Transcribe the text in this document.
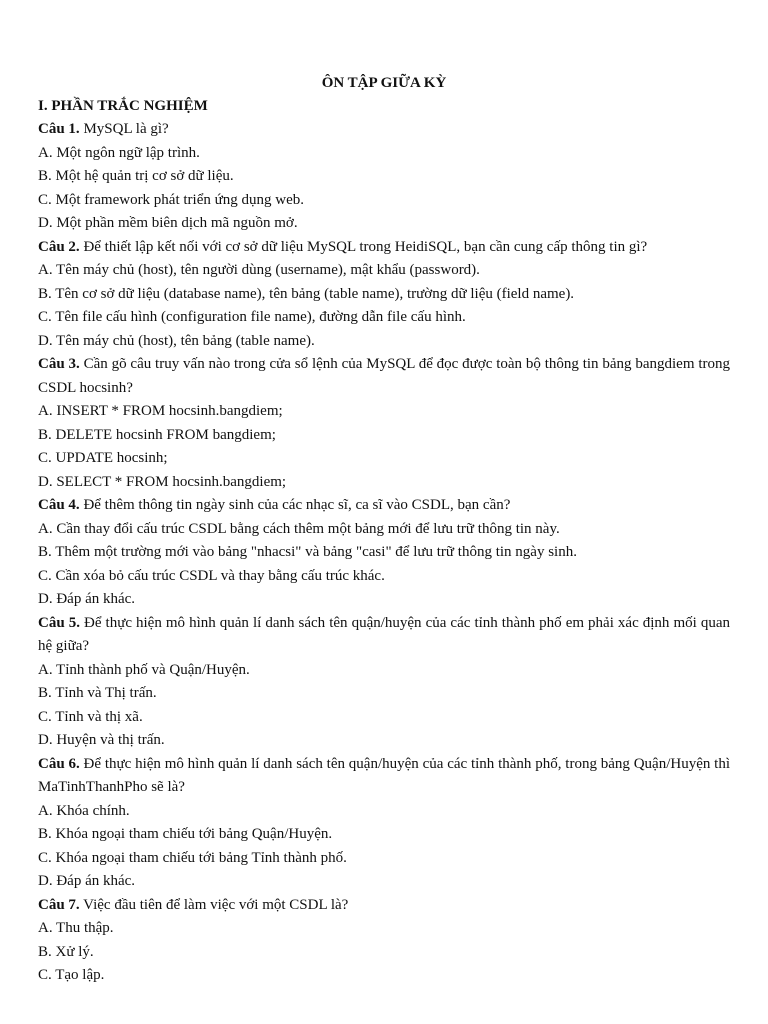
ÔN TẬP GIỮA KỲ

I. PHẦN TRẮC NGHIỆM

Câu 1. MySQL là gì?

A. Một ngôn ngữ lập trình.

B. Một hệ quản trị cơ sở dữ liệu.

C. Một framework phát triển ứng dụng web.

D. Một phần mềm biên dịch mã nguồn mở.

Câu 2. Để thiết lập kết nối với cơ sở dữ liệu MySQL trong HeidiSQL, bạn cần cung cấp thông tin gì?

A. Tên máy chủ (host), tên người dùng (username), mật khẩu (password).

B. Tên cơ sở dữ liệu (database name), tên bảng (table name), trường dữ liệu (field name).

C. Tên file cấu hình (configuration file name), đường dẫn file cấu hình.

D. Tên máy chủ (host), tên bảng (table name).

Câu 3. Cần gõ câu truy vấn nào trong cửa sổ lệnh của MySQL để đọc được toàn bộ thông tin bảng bangdiem trong CSDL hocsinh?

A. INSERT * FROM hocsinh.bangdiem;

B. DELETE hocsinh FROM bangdiem;

C. UPDATE hocsinh;

D. SELECT * FROM hocsinh.bangdiem;

Câu 4. Để thêm thông tin ngày sinh của các nhạc sĩ, ca sĩ vào CSDL, bạn cần?

A. Cần thay đổi cấu trúc CSDL bằng cách thêm một bảng mới để lưu trữ thông tin này.

B. Thêm một trường mới vào bảng "nhacsi" và bảng "casi" để lưu trữ thông tin ngày sinh.

C. Cần xóa bỏ cấu trúc CSDL và thay bằng cấu trúc khác.

D. Đáp án khác.

Câu 5. Để thực hiện mô hình quản lí danh sách tên quận/huyện của các tỉnh thành phố em phải xác định mối quan hệ giữa?

A. Tỉnh thành phố và Quận/Huyện.

B. Tỉnh và Thị trấn.

C. Tỉnh và thị xã.

D. Huyện và thị trấn.

Câu 6. Để thực hiện mô hình quản lí danh sách tên quận/huyện của các tỉnh thành phố, trong bảng Quận/Huyện thì MaTinhThanhPho sẽ là?

A. Khóa chính.

B. Khóa ngoại tham chiếu tới bảng Quận/Huyện.

C. Khóa ngoại tham chiếu tới bảng Tỉnh thành phố.

D. Đáp án khác.

Câu 7. Việc đầu tiên để làm việc với một CSDL là?

A. Thu thập.

B. Xử lý.

C. Tạo lập.
